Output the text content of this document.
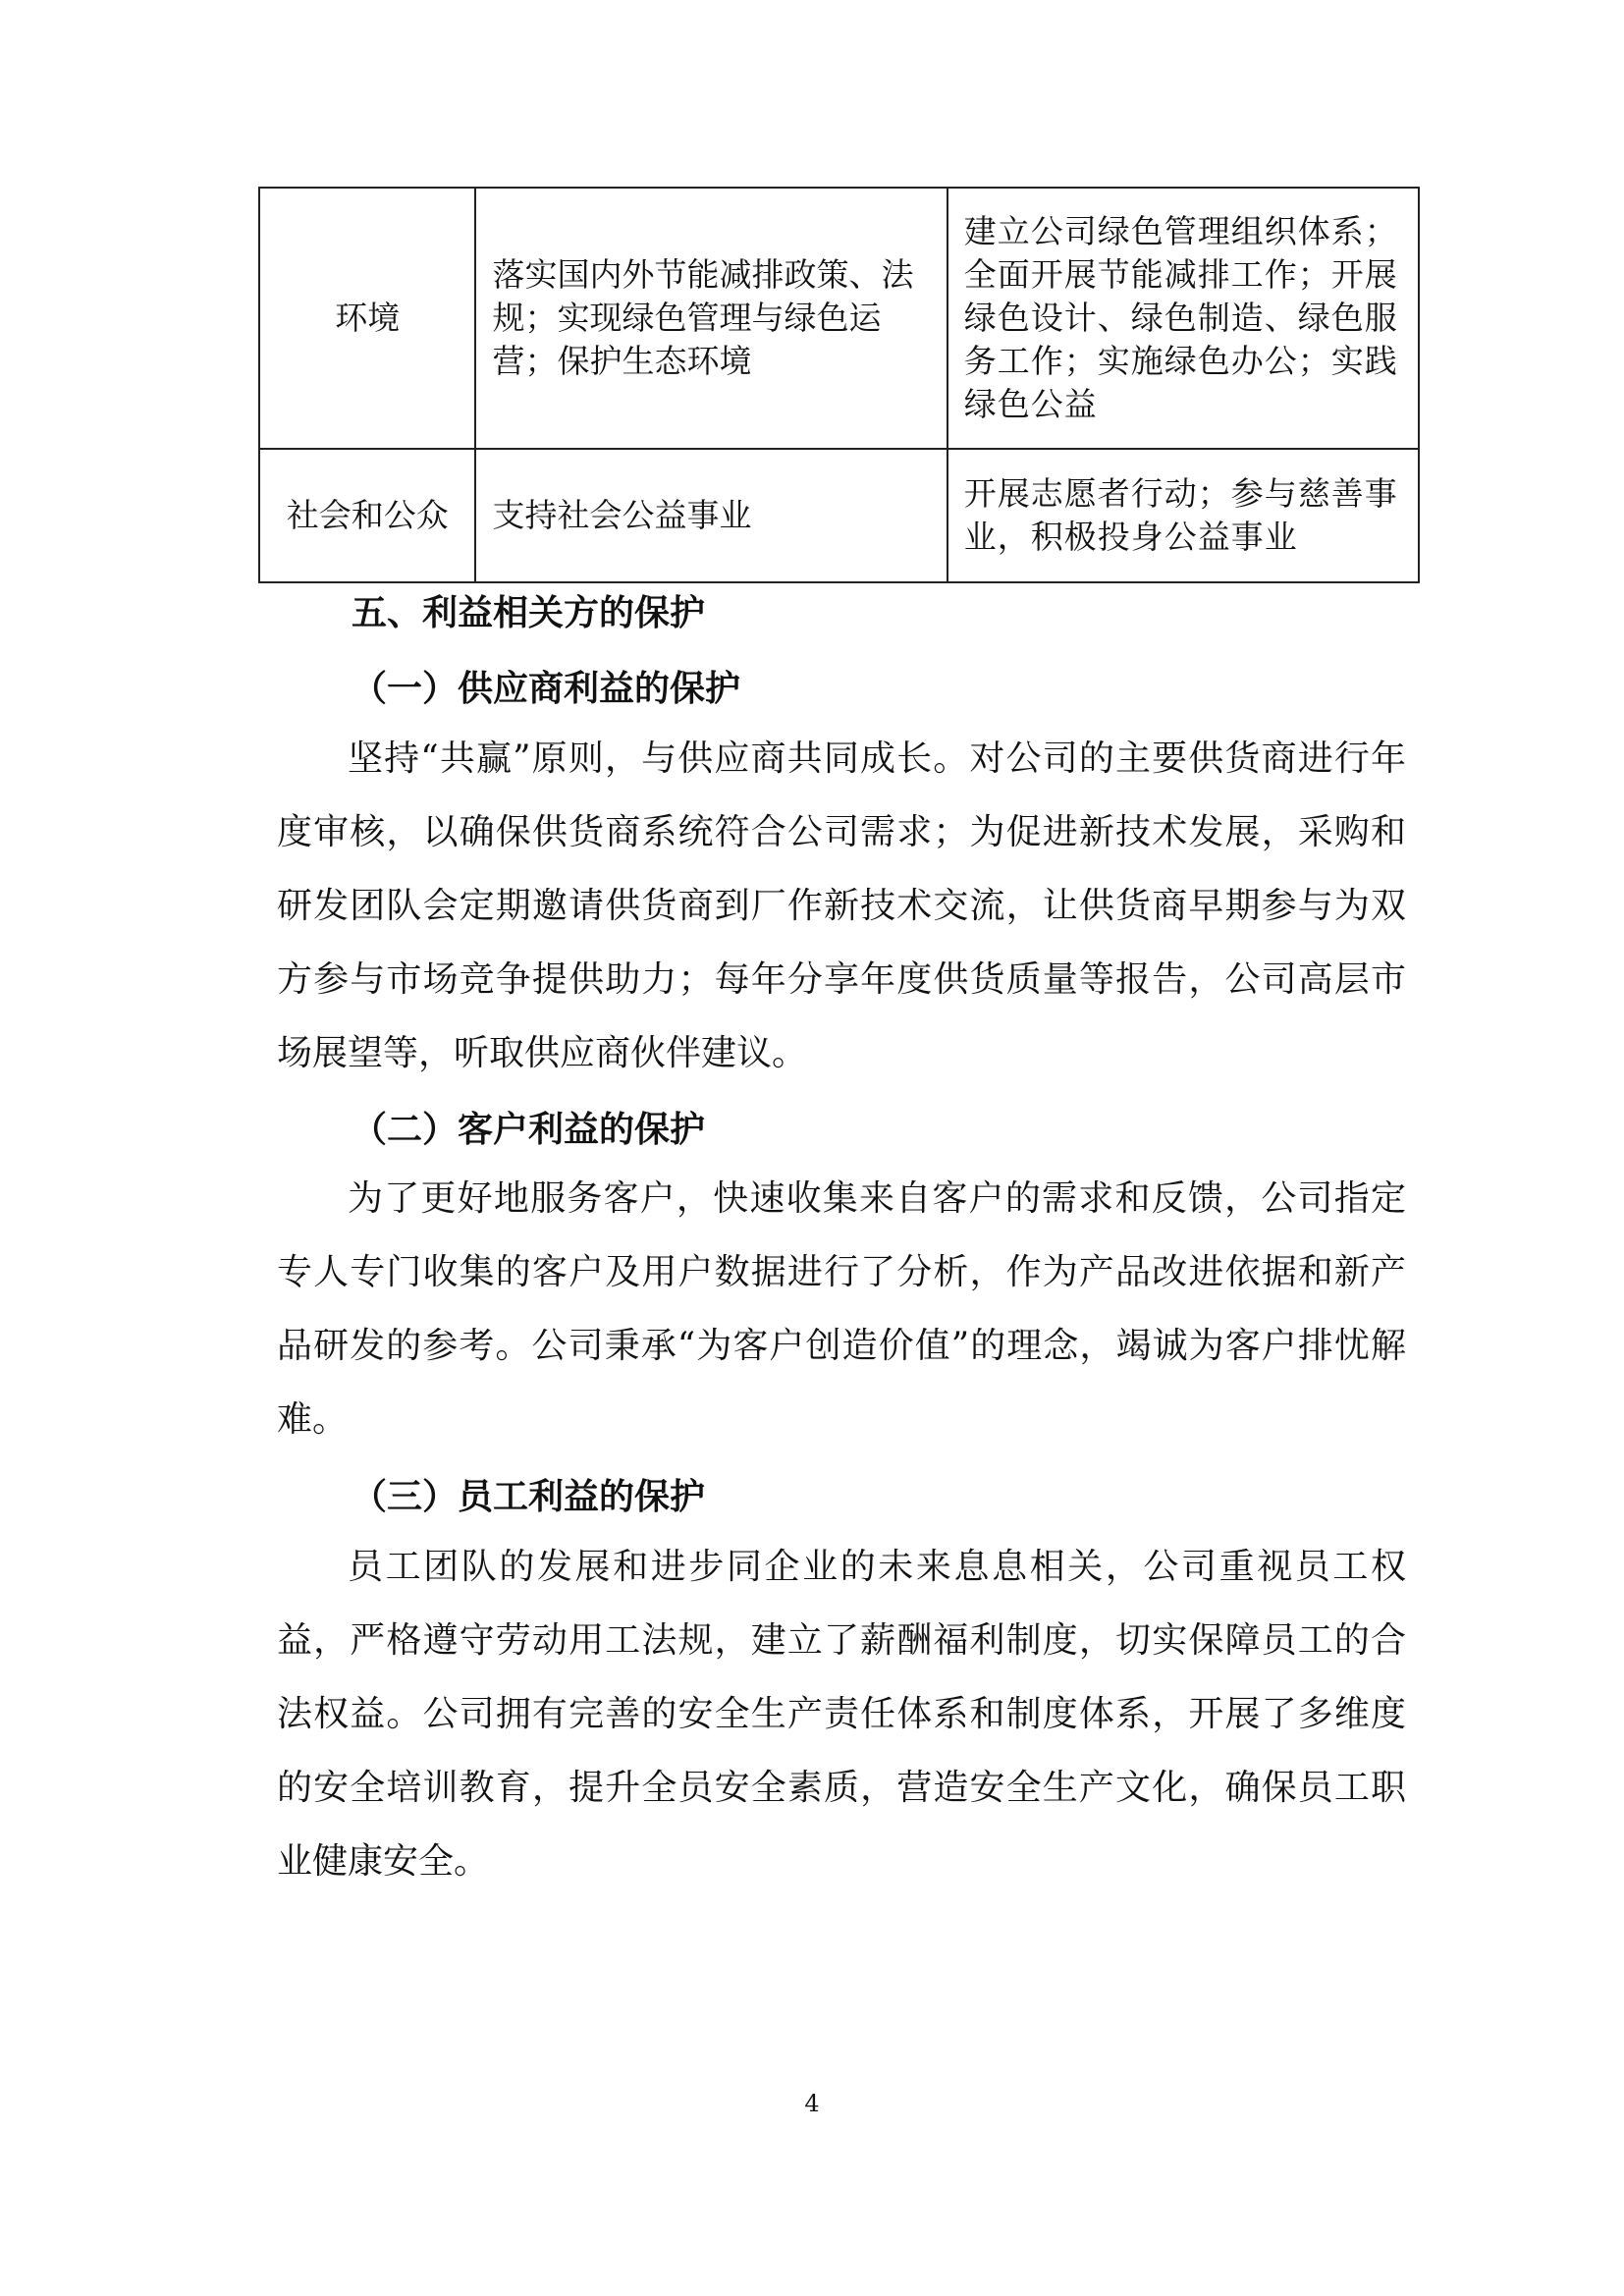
环境	落实国内外节能减排政策、法规；实现绿色管理与绿色运营；保护生态环境	建立公司绿色管理组织体系；全面开展节能减排工作；开展绿色设计、绿色制造、绿色服务工作；实施绿色办公；实践绿色公益
社会和公众	支持社会公益事业	开展志愿者行动；参与慈善事业，积极投身公益事业
五、利益相关方的保护
（一）供应商利益的保护
坚持“共赢”原则，与供应商共同成长。对公司的主要供货商进行年度审核，以确保供货商系统符合公司需求；为促进新技术发展，采购和研发团队会定期邀请供货商到厂作新技术交流，让供货商早期参与为双方参与市场竞争提供助力；每年分享年度供货质量等报告，公司高层市场展望等，听取供应商伙伴建议。
（二）客户利益的保护
为了更好地服务客户，快速收集来自客户的需求和反馈，公司指定专人专门收集的客户及用户数据进行了分析，作为产品改进依据和新产品研发的参考。公司秉承“为客户创造价值”的理念，竭诚为客户排忧解难。
（三）员工利益的保护
员工团队的发展和进步同企业的未来息息相关，公司重视员工权益，严格遵守劳动用工法规，建立了薪酬福利制度，切实保障员工的合法权益。公司拥有完善的安全生产责任体系和制度体系，开展了多维度的安全培训教育，提升全员安全素质，营造安全生产文化，确保员工职业健康安全。
4
